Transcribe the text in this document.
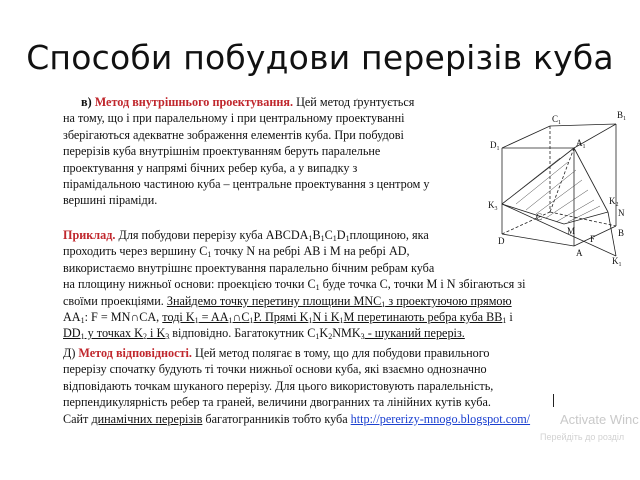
Способи побудови перерізів куба
в) Метод внутрішнього проектування. Цей метод ґрунтується
на тому, що і при паралельному і при центральному проектуванні
зберігаються адекватне зображення елементів куба. При побудові
перерізів куба внутрішнім проектуванням беруть паралельне
проектування у напрямі бічних ребер куба, а у випадку з
пірамідальною частиною куба – центральне проектування з центром у
вершині піраміди.
Приклад. Для побудови перерізу куба $ABCDA_1B_1C_1D_1площиною$, яка
проходить через вершину $C_1$ точку N на ребрі AB і M на ребрі AD,
використаємо внутрішнє проектування паралельно бічним ребрам куба
на площину нижньої основи: проекцією точки $C_1$ буде точка C, точки M і N збігаються зі
своїми проекціями. Знайдемо точку перетину площини $MNC_1$ з проектуючою прямою
$AA_1$: F = MN∩CA, тоді $K_1$ = $AA_1\cap C_1P$. Прямі $K_1N$ і $K_1M$ перетинають ребра куба $BB_1$ і
$DD_1$ у точках $K_2$ і $K_3$ відповідно. Багатокутник $C_1K_2NMK_3$ - шуканий переріз.
Д) Метод відповідності. Цей метод полягає в тому, що для побудови правильного
перерізу спочатку будують ті точки нижньої основи куба, які взаємно однозначно
відповідають точкам шуканого перерізу. Для цього використовують паралельність,
перпендикулярність ребер та граней, величини двогранних та лінійних кутів куба.
Сайт динамічних перерізів багатогранників тобто куба http://pererizy-mnogo.blogspot.com/
$B_1$
$D_1$
$A_1$
$C_1$
$K_3$
$K_2$
$K_1$
N
D
C
M
A
F
B
Activate Winc
Перейдіть до розділ
